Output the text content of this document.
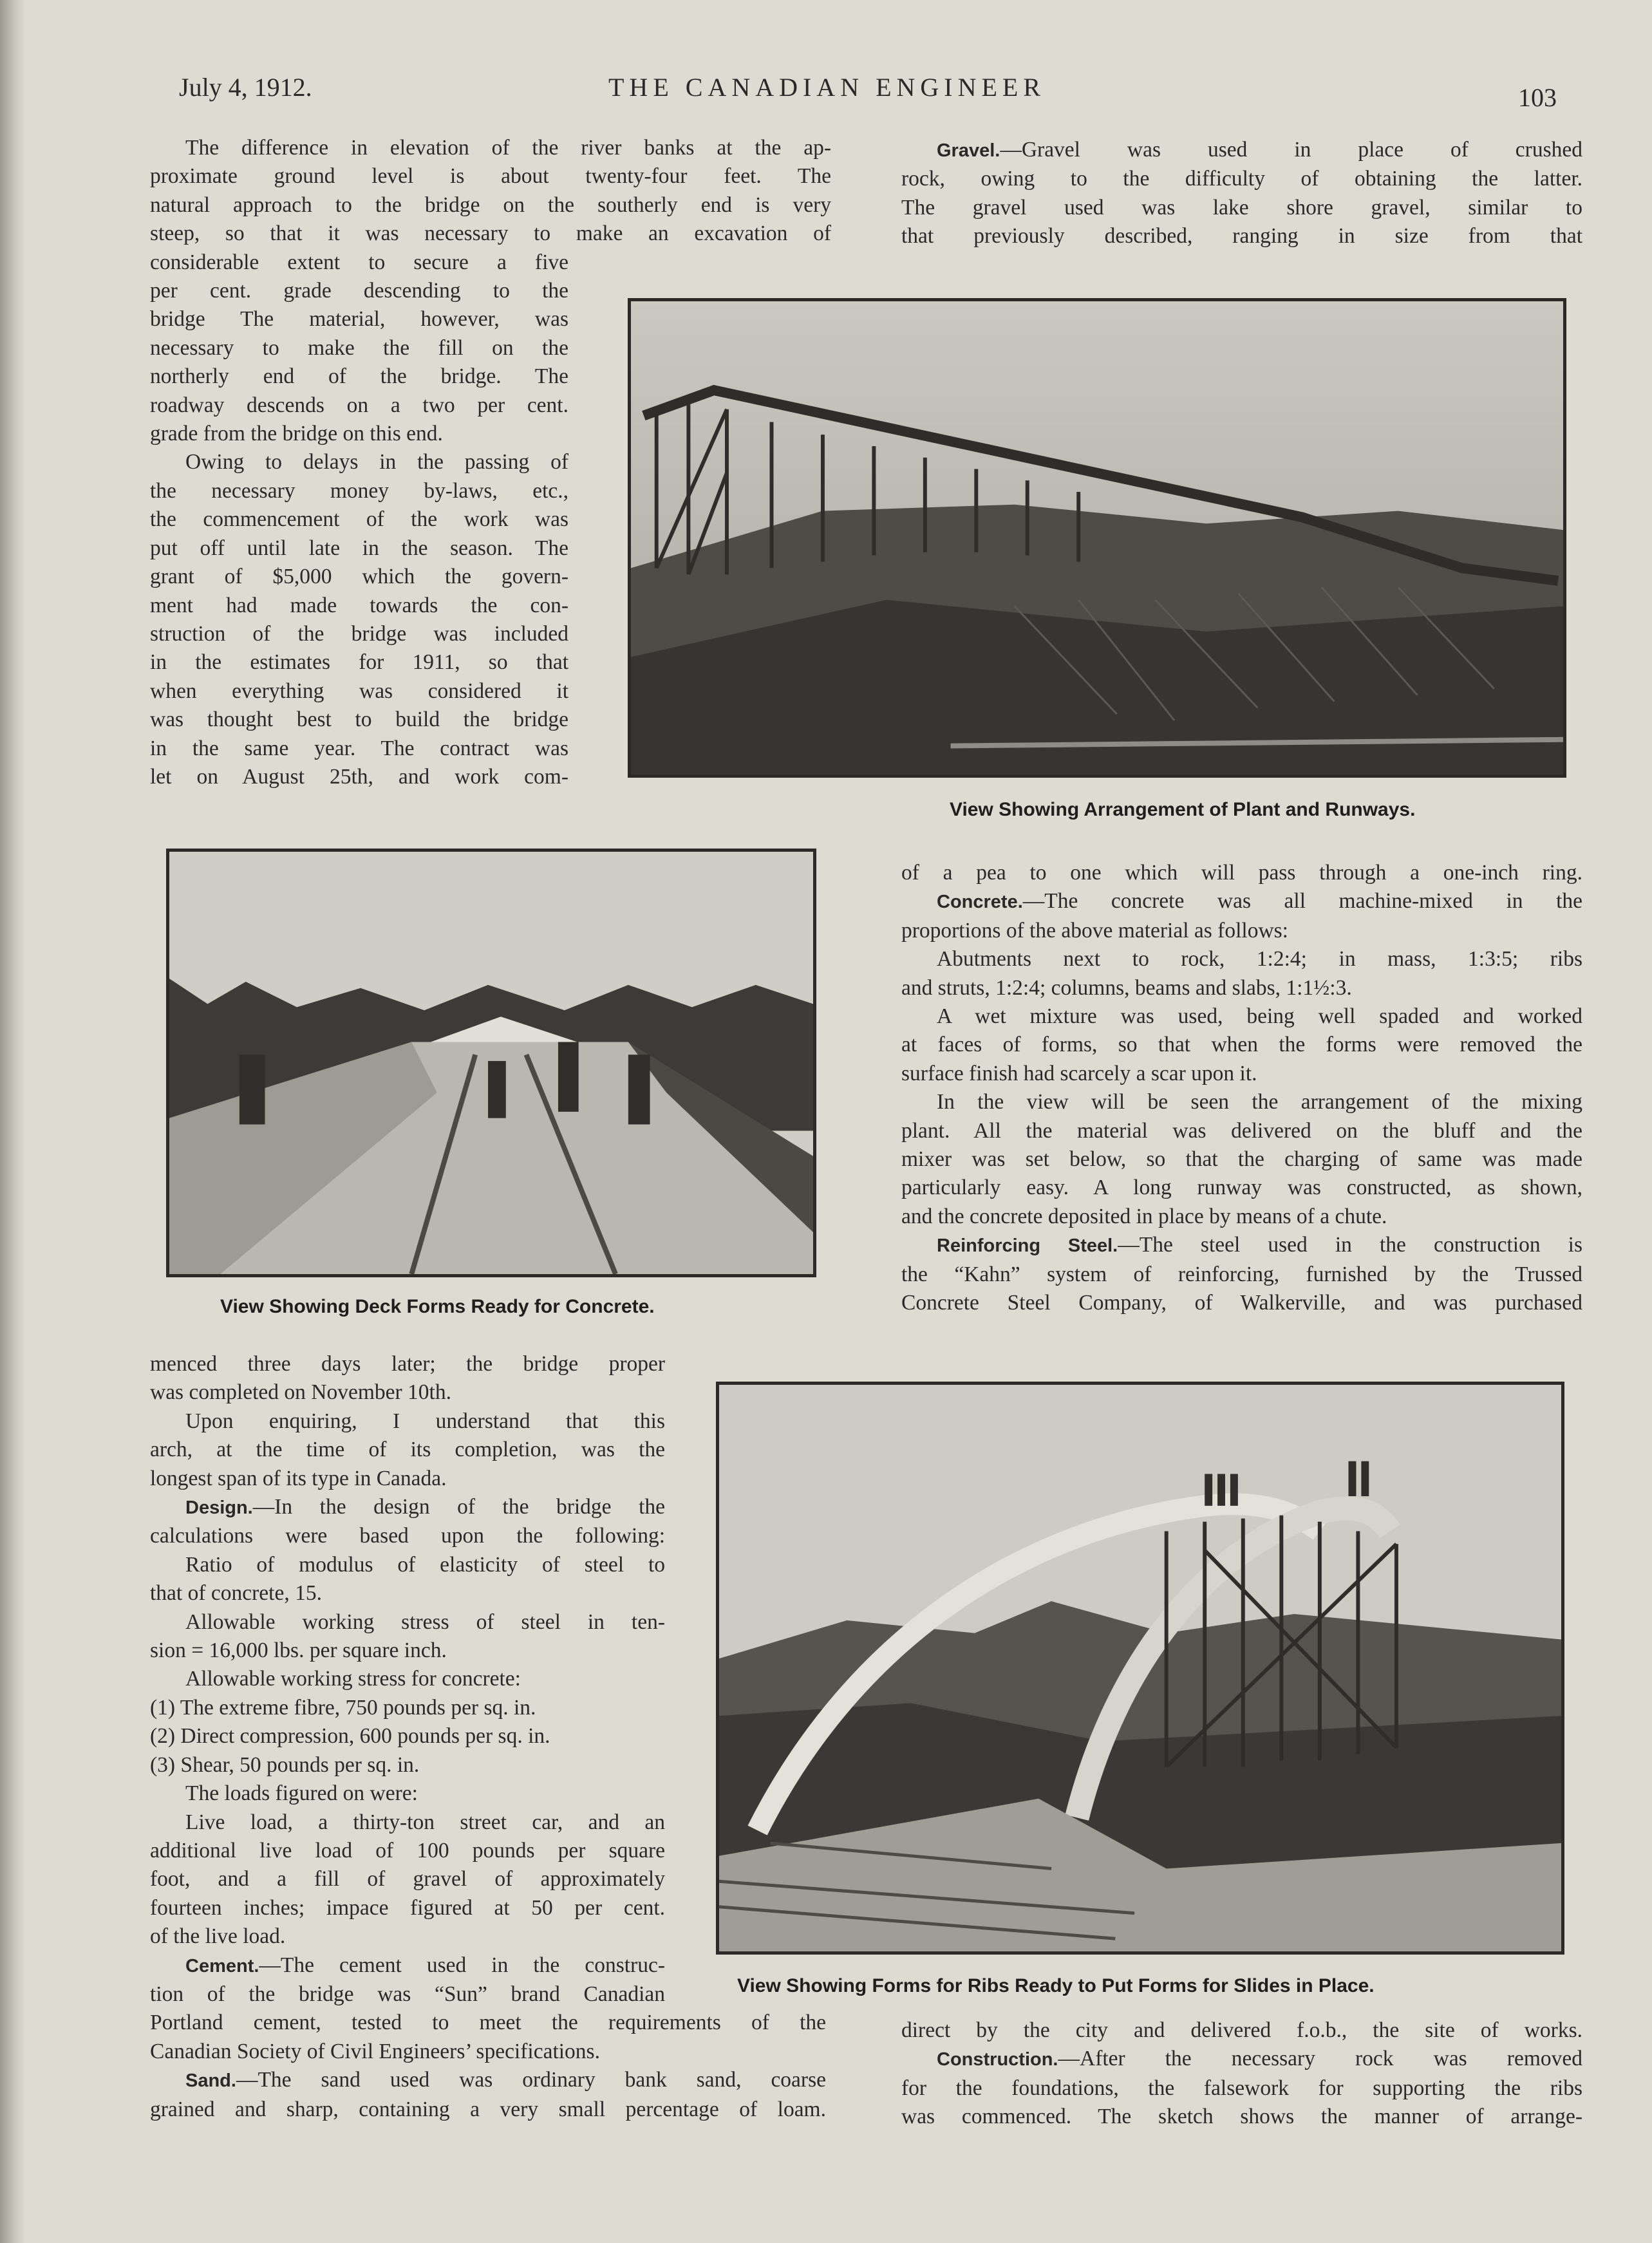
July 4, 1912.	THE CANADIAN ENGINEER	103

The difference in elevation of the river banks at the ap-

proximate ground level is about twenty-four feet. The

natural approach to the bridge on the southerly end is very

steep, so that it was necessary to make an excavation of

considerable extent to secure a five

per cent. grade descending to the

bridge The material, however, was

necessary to make the fill on the

northerly end of the bridge. The

roadway descends on a two per cent.

grade from the bridge on this end.

Owing to delays in the passing of

the necessary money by-laws, etc.,

the commencement of the work was

put off until late in the season. The

grant of $5,000 which the govern-

ment had made towards the con-

struction of the bridge was included

in the estimates for 1911, so that

when everything was considered it

was thought best to build the bridge

in the same year. The contract was

let on August 25th, and work com-

Gravel.—Gravel was used in place of crushed

rock, owing to the difficulty of obtaining the latter.

The gravel used was lake shore gravel, similar to

that previously described, ranging in size from that

View Showing Arrangement of Plant and Runways.
View Showing Deck Forms Ready for Concrete.

of a pea to one which will pass through a one-inch ring.

Concrete.—The concrete was all machine-mixed in the

proportions of the above material as follows:

Abutments next to rock, 1:2:4; in mass, 1:3:5; ribs

and struts, 1:2:4; columns, beams and slabs, 1:1½:3.

A wet mixture was used, being well spaded and worked

at faces of forms, so that when the forms were removed the

surface finish had scarcely a scar upon it.

In the view will be seen the arrangement of the mixing

plant. All the material was delivered on the bluff and the

mixer was set below, so that the charging of same was made

particularly easy. A long runway was constructed, as shown,

and the concrete deposited in place by means of a chute.

Reinforcing Steel.—The steel used in the construction is

the “Kahn” system of reinforcing, furnished by the Trussed

Concrete Steel Company, of Walkerville, and was purchased

menced three days later; the bridge proper

was completed on November 10th.

Upon enquiring, I understand that this

arch, at the time of its completion, was the

longest span of its type in Canada.

Design.—In the design of the bridge the

calculations were based upon the following:

Ratio of modulus of elasticity of steel to

that of concrete, 15.

Allowable working stress of steel in ten-

sion = 16,000 lbs. per square inch.

Allowable working stress for concrete:

(1) The extreme fibre, 750 pounds per sq. in.

(2) Direct compression, 600 pounds per sq. in.

(3) Shear, 50 pounds per sq. in.

The loads figured on were:

Live load, a thirty-ton street car, and an

additional live load of 100 pounds per square

foot, and a fill of gravel of approximately

fourteen inches; impace figured at 50 per cent.

of the live load.

Cement.—The cement used in the construc-

tion of the bridge was “Sun” brand Canadian

Portland cement, tested to meet the requirements of the

Canadian Society of Civil Engineers’ specifications.

Sand.—The sand used was ordinary bank sand, coarse

grained and sharp, containing a very small percentage of loam.

View Showing Forms for Ribs Ready to Put Forms for Slides in Place.

direct by the city and delivered f.o.b., the site of works.

Construction.—After the necessary rock was removed

for the foundations, the falsework for supporting the ribs

was commenced. The sketch shows the manner of arrange-
